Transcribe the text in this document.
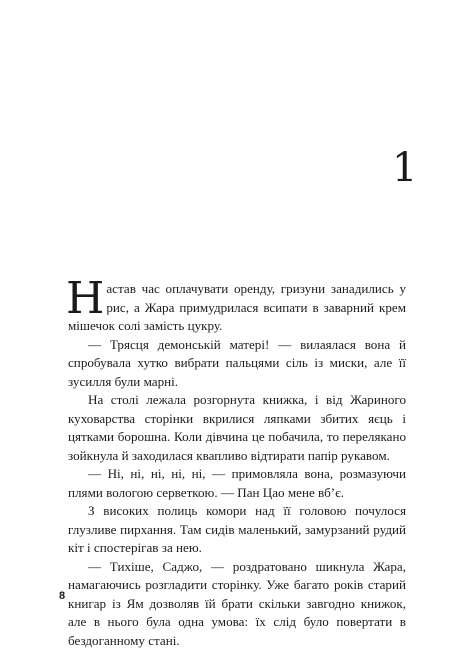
1

Настав час оплачувати оренду, гризуни занадились у рис, а Жара примудрилася всипати в заварний крем мішечок солі замість цукру.

— Трясця демонській матері! — вилаялася вона й спробувала хутко вибрати пальцями сіль із миски, але її зусилля були марні.

На столі лежала розгорнута книжка, і від Жариного куховарства сторінки вкрилися ляпками збитих яєць і цятками борошна. Коли дівчина це побачила, то перелякано зойкнула й заходилася квапливо відтирати папір рукавом.

— Ні, ні, ні, ні, ні, — примовляла вона, розмазуючи плями вологою серветкою. — Пан Цао мене вб’є.

З високих полиць комори над її головою почулося глузливе пирхання. Там сидів маленький, замурзаний рудий кіт і спостерігав за нею.

— Тихіше, Саджо, — роздратовано шикнула Жара, намагаючись розгладити сторінку. Уже багато років старий книгар із Ям дозволяв їй брати скільки завгодно книжок, але в нього була одна умова: їх слід було повертати в бездоганному стані.

8
